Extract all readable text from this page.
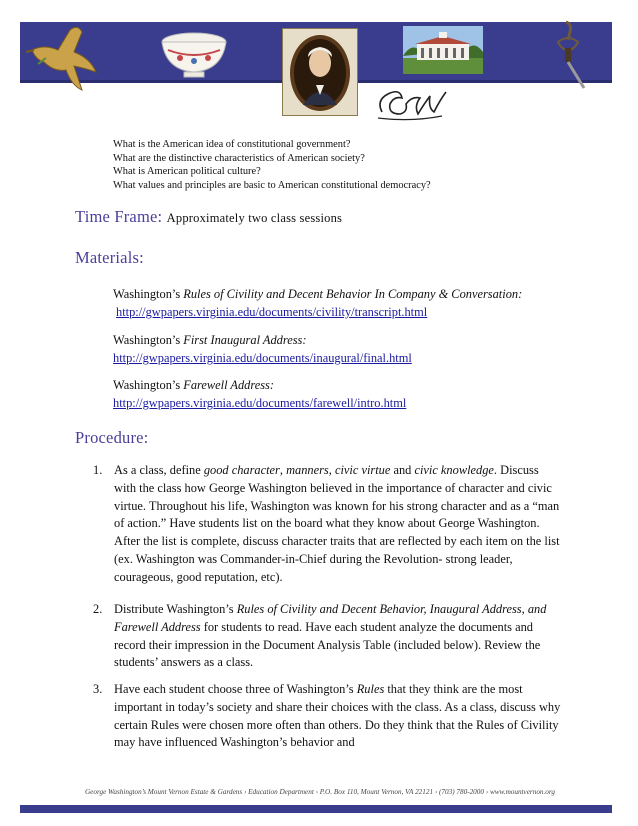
What is the American idea of constitutional government?
What are the distinctive characteristics of American society?
What is American political culture?
What values and principles are basic to American constitutional democracy?
Time Frame: Approximately two class sessions
Materials:
Washington’s Rules of Civility and Decent Behavior In Company & Conversation:
http://gwpapers.virginia.edu/documents/civility/transcript.html
Washington’s First Inaugural Address:
http://gwpapers.virginia.edu/documents/inaugural/final.html
Washington’s Farewell Address:
http://gwpapers.virginia.edu/documents/farewell/intro.html
Procedure:
1. As a class, define good character, manners, civic virtue and civic knowledge. Discuss with the class how George Washington believed in the importance of character and civic virtue. Throughout his life, Washington was known for his strong character and as a “man of action.” Have students list on the board what they know about George Washington. After the list is complete, discuss character traits that are reflected by each item on the list (ex. Washington was Commander-in-Chief during the Revolution- strong leader, courageous, good reputation, etc).
2. Distribute Washington’s Rules of Civility and Decent Behavior, Inaugural Address, and Farewell Address for students to read. Have each student analyze the documents and record their impression in the Document Analysis Table (included below). Review the students’ answers as a class.
3. Have each student choose three of Washington’s Rules that they think are the most important in today’s society and share their choices with the class. As a class, discuss why certain Rules were chosen more often than others. Do they think that the Rules of Civility may have influenced Washington’s behavior and
George Washington’s Mount Vernon Estate & Gardens › Education Department › P.O. Box 110, Mount Vernon, VA 22121 › (703) 780-2000 › www.mountvernon.org
